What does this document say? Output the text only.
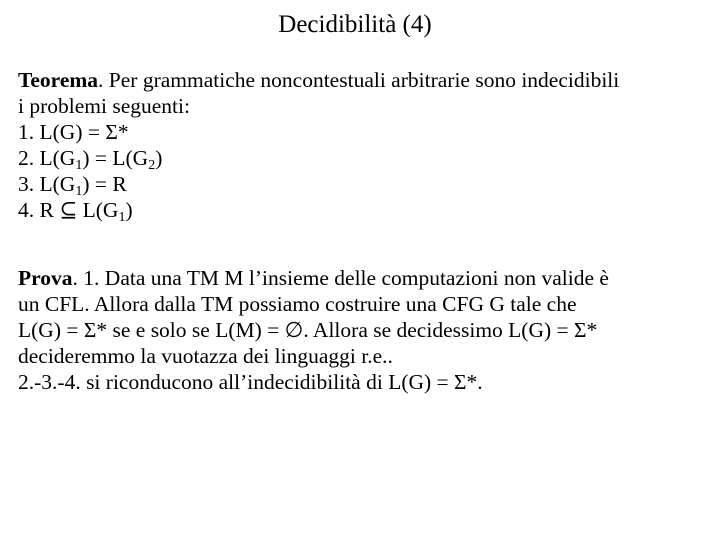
Decidibilità (4)
Teorema. Per grammatiche noncontestuali arbitrarie sono indecidibili
i problemi seguenti:
1. L(G) = Σ*
2. $L(G_1) = L(G_2)$
3. $L(G_1) = R$
4. R ⊆ $L(G_1)$
Prova. 1. Data una TM M l’insieme delle computazioni non valide è
un CFL. Allora dalla TM possiamo costruire una CFG G tale che
L(G) = Σ* se e solo se L(M) = ∅. Allora se decidessimo L(G) = Σ*
decideremmo la vuotazza dei linguaggi r.e..
2.-3.-4. si riconducono all’indecidibilità di L(G) = Σ*.
